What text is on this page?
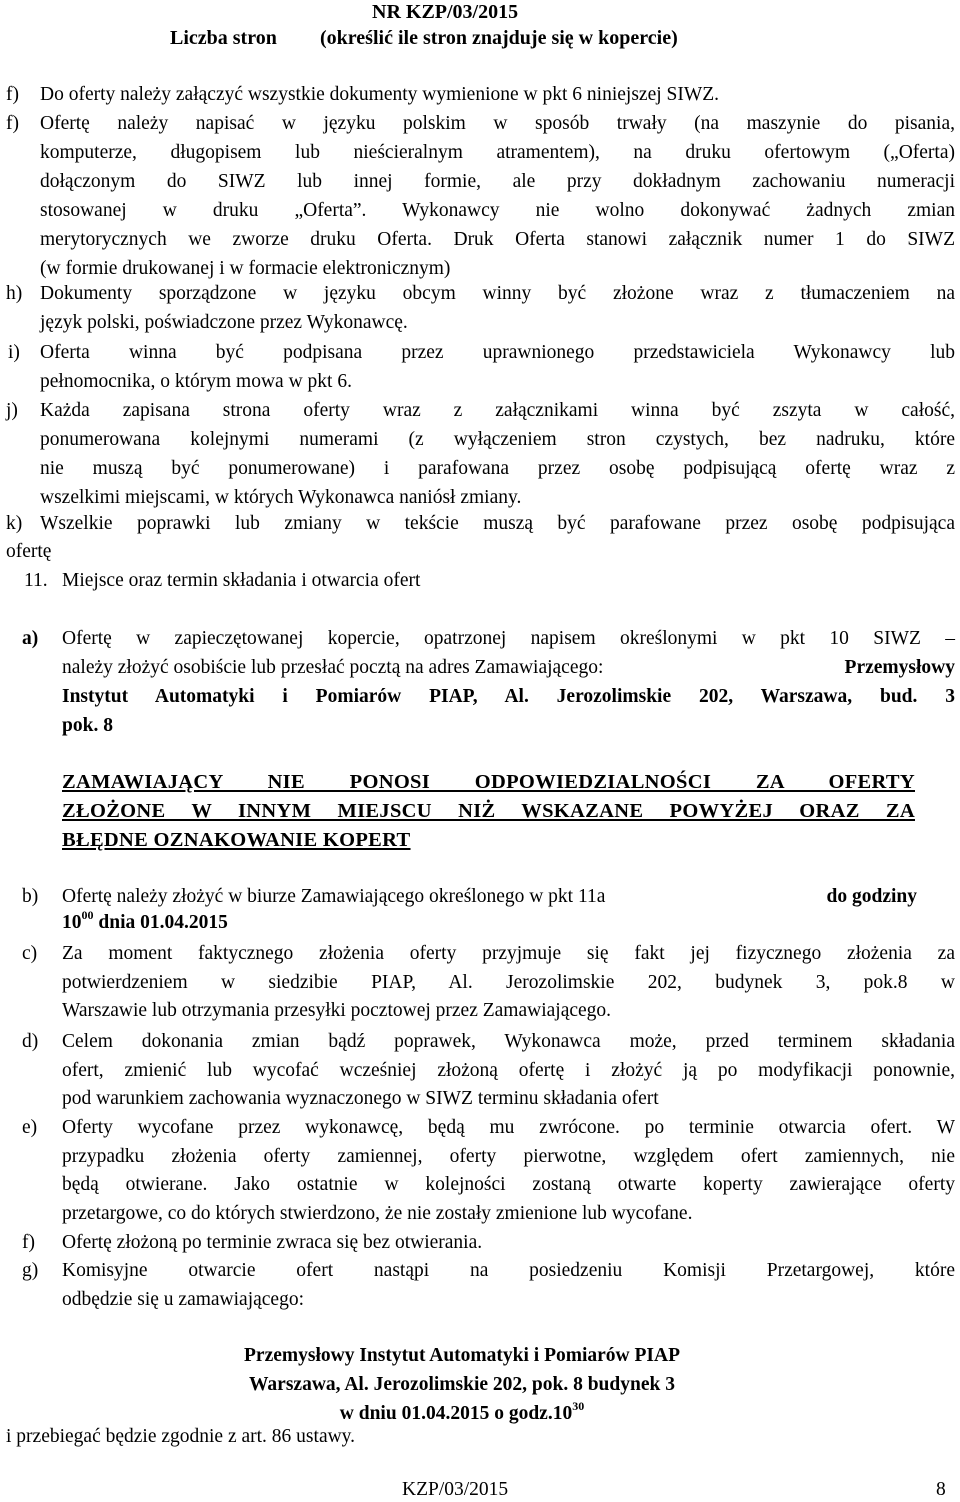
NR KZP/03/2015
Liczba stron (określić ile stron znajduje się w kopercie)
f) Do oferty należy załączyć wszystkie dokumenty wymienione w pkt 6 niniejszej SIWZ.
f) Ofertę należy napisać w języku polskim w sposób trwały (na maszynie do pisania,
komputerze, długopisem lub nieścieralnym atramentem), na druku ofertowym („Oferta)
dołączonym do SIWZ lub innej formie, ale przy dokładnym zachowaniu numeracji
stosowanej w druku „Oferta”. Wykonawcy nie wolno dokonywać żadnych zmian
merytorycznych we zworze druku Oferta. Druk Oferta stanowi załącznik numer 1 do SIWZ
(w formie drukowanej i w formacie elektronicznym)
h) Dokumenty sporządzone w języku obcym winny być złożone wraz z tłumaczeniem na
język polski, poświadczone przez Wykonawcę.
i) Oferta winna być podpisana przez uprawnionego przedstawiciela Wykonawcy lub
pełnomocnika, o którym mowa w pkt 6.
j) Każda zapisana strona oferty wraz z załącznikami winna być zszyta w całość,
ponumerowana kolejnymi numerami (z wyłączeniem stron czystych, bez nadruku, które
nie muszą być ponumerowane) i parafowana przez osobę podpisującą ofertę wraz z
wszelkimi miejscami, w których Wykonawca naniósł zmiany.
k) Wszelkie poprawki lub zmiany w tekście muszą być parafowane przez osobę podpisująca
ofertę
11. Miejsce oraz termin składania i otwarcia ofert
a) Ofertę w zapieczętowanej kopercie, opatrzonej napisem określonymi w pkt 10 SIWZ –
należy złożyć osobiście lub przesłać pocztą na adres Zamawiającego:	Przemysłowy
Instytut Automatyki i Pomiarów PIAP, Al. Jerozolimskie 202, Warszawa, bud. 3
pok. 8
ZAMAWIAJĄCY NIE PONOSI ODPOWIEDZIALNOŚCI ZA OFERTY
ZŁOŻONE W INNYM MIEJSCU NIŻ WSKAZANE POWYŻEJ ORAZ ZA
BŁĘDNE OZNAKOWANIE KOPERT
b) Ofertę należy złożyć w biurze Zamawiającego określonego w pkt 11a	do godziny
$10^{00}$ dnia 01.04.2015
c) Za moment faktycznego złożenia oferty przyjmuje się fakt jej fizycznego złożenia za
potwierdzeniem w siedzibie PIAP, Al. Jerozolimskie 202, budynek 3, pok.8 w
Warszawie lub otrzymania przesyłki pocztowej przez Zamawiającego.
d) Celem dokonania zmian bądź poprawek, Wykonawca może, przed terminem składania
ofert, zmienić lub wycofać wcześniej złożoną ofertę i złożyć ją po modyfikacji ponownie,
pod warunkiem zachowania wyznaczonego w SIWZ terminu składania ofert
e) Oferty wycofane przez wykonawcę, będą mu zwrócone. po terminie otwarcia ofert. W
przypadku złożenia oferty zamiennej, oferty pierwotne, względem ofert zamiennych, nie
będą otwierane. Jako ostatnie w kolejności zostaną otwarte koperty zawierające oferty
przetargowe, co do których stwierdzono, że nie zostały zmienione lub wycofane.
f) Ofertę złożoną po terminie zwraca się bez otwierania.
g) Komisyjne otwarcie ofert nastąpi na posiedzeniu Komisji Przetargowej, które
odbędzie się u zamawiającego:
Przemysłowy Instytut Automatyki i Pomiarów PIAP
Warszawa, Al. Jerozolimskie 202, pok. 8 budynek 3
w dniu 01.04.2015 o $godz.10^{30}$
i przebiegać będzie zgodnie z art. 86 ustawy.
KZP/03/2015	8
